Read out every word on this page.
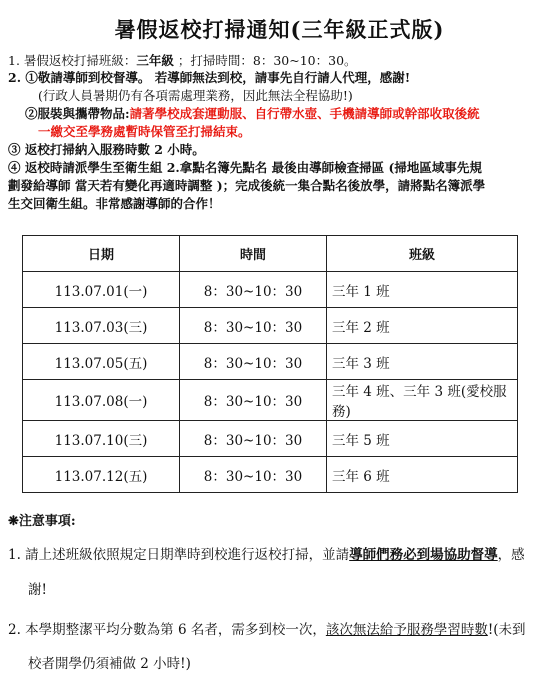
暑假返校打掃通知(三年級正式版)
1. 暑假返校打掃班級：三年級 ；打掃時間：8：30~10：30。
2. ①敬請導師到校督導。 若導師無法到校，請事先自行請人代理，感謝!
(行政人員暑期仍有各項需處理業務，因此無法全程協助!)
②服裝與攜帶物品:請著學校成套運動服、自行帶水壺、手機請導師或幹部收取後統
一繳交至學務處暫時保管至打掃結束。
③ 返校打掃納入服務時數 2 小時。
④ 返校時請派學生至衛生組 2.拿點名簿先點名 最後由導師檢查掃區 (掃地區域事先規
劃發給導師 當天若有變化再適時調整 )；完成後統一集合點名後放學，請將點名簿派學
生交回衛生組。非常感謝導師的合作！
日期	時間	班級
113.07.01(一)	8：30~10：30	三年 1 班
113.07.03(三)	8：30~10：30	三年 2 班
113.07.05(五)	8：30~10：30	三年 3 班
113.07.08(一)	8：30~10：30	三年 4 班、三年 3 班(愛校服務)
113.07.10(三)	8：30~10：30	三年 5 班
113.07.12(五)	8：30~10：30	三年 6 班
❋注意事項:
1. 請上述班級依照規定日期準時到校進行返校打掃，並請導師們務必到場協助督導，感
謝!
2. 本學期整潔平均分數為第 6 名者，需多到校一次，該次無法給予服務學習時數!(未到
校者開學仍須補做 2 小時!)
